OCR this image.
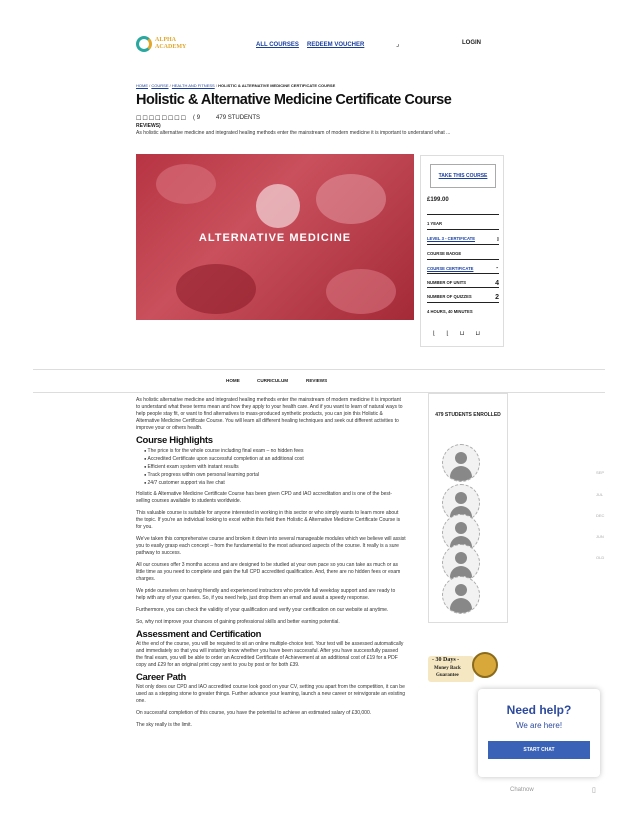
ALPHA
ACADEMY	ALL COURSES REDEEM VOUCHER	⌟	LOGIN
HOME / COURSE / HEALTH AND FITNESS / HOLISTIC & ALTERNATIVE MEDICINE CERTIFICATE COURSE
Holistic & Alternative Medicine Certificate Course
☐☐☐☐☐☐☐☐ ( 9	479 STUDENTS
REVIEWS)
As holistic alternative medicine and integrated healing methods enter the mainstream of modern medicine it is important to understand what ...
ALTERNATIVE MEDICINE
TAKE THIS COURSE
£199.00
1 YEAR
LEVEL 3 - CERTIFICATE	▯
COURSE BADGE
COURSE CERTIFICATE	⌃
NUMBER OF UNITS	4
NUMBER OF QUIZZES	2
4 HOURS, 40 MINUTES
⌊ ⌊ ⊔ ⊔
HOME	CURRICULUM	REVIEWS

As holistic alternative medicine and integrated healing methods enter the mainstream of modern medicine it is important to understand what these terms mean and how they apply to your health care. And if you want to learn of natural ways to help people stay fit, or want to find alternatives to mass-produced synthetic products, you can join this Holistic & Alternative Medicine Certificate Course. You will learn all different healing techniques and seek out different activities to improve your or others health.

Course Highlights
● The price is for the whole course including final exam – no hidden fees
● Accredited Certificate upon successful completion at an additional cost
● Efficient exam system with instant results
● Track progress within own personal learning portal
● 24/7 customer support via live chat

Holistic & Alternative Medicine Certificate Course has been given CPD and IAO accreditation and is one of the best-selling courses available to students worldwide.

This valuable course is suitable for anyone interested in working in this sector or who simply wants to learn more about the topic. If you're an individual looking to excel within this field then Holistic & Alternative Medicine Certificate Course is for you.

We've taken this comprehensive course and broken it down into several manageable modules which we believe will assist you to easily grasp each concept – from the fundamental to the most advanced aspects of the course. It really is a sure pathway to success.

All our courses offer 3 months access and are designed to be studied at your own pace so you can take as much or as little time as you need to complete and gain the full CPD accredited qualification. And, there are no hidden fees or exam charges.

We pride ourselves on having friendly and experienced instructors who provide full weekday support and are ready to help with any of your queries. So, if you need help, just drop them an email and await a speedy response.

Furthermore, you can check the validity of your qualification and verify your certification on our website at anytime.

So, why not improve your chances of gaining professional skills and better earning potential.

Assessment and Certification

At the end of the course, you will be required to sit an online multiple-choice test. Your test will be assessed automatically and immediately so that you will instantly know whether you have been successful. After you have successfully passed the final exam, you will be able to order an Accredited Certificate of Achievement at an additional cost of £19 for a PDF copy and £29 for an original print copy sent to you by post or for both £39.

Career Path

Not only does our CPD and IAO accredited course look good on your CV, setting you apart from the competition, it can be used as a stepping stone to greater things. Further advance your learning, launch a new career or reinvigorate an existing one.

On successful completion of this course, you have the potential to achieve an estimated salary of £30,000.

The sky really is the limit.

479 STUDENTS ENROLLED
SEP
JUL
DEC
JUN
OLD
- 30 Days -
Money Back
Guarantee
Need help?
We are here!
START CHAT
Chatnow	▯
